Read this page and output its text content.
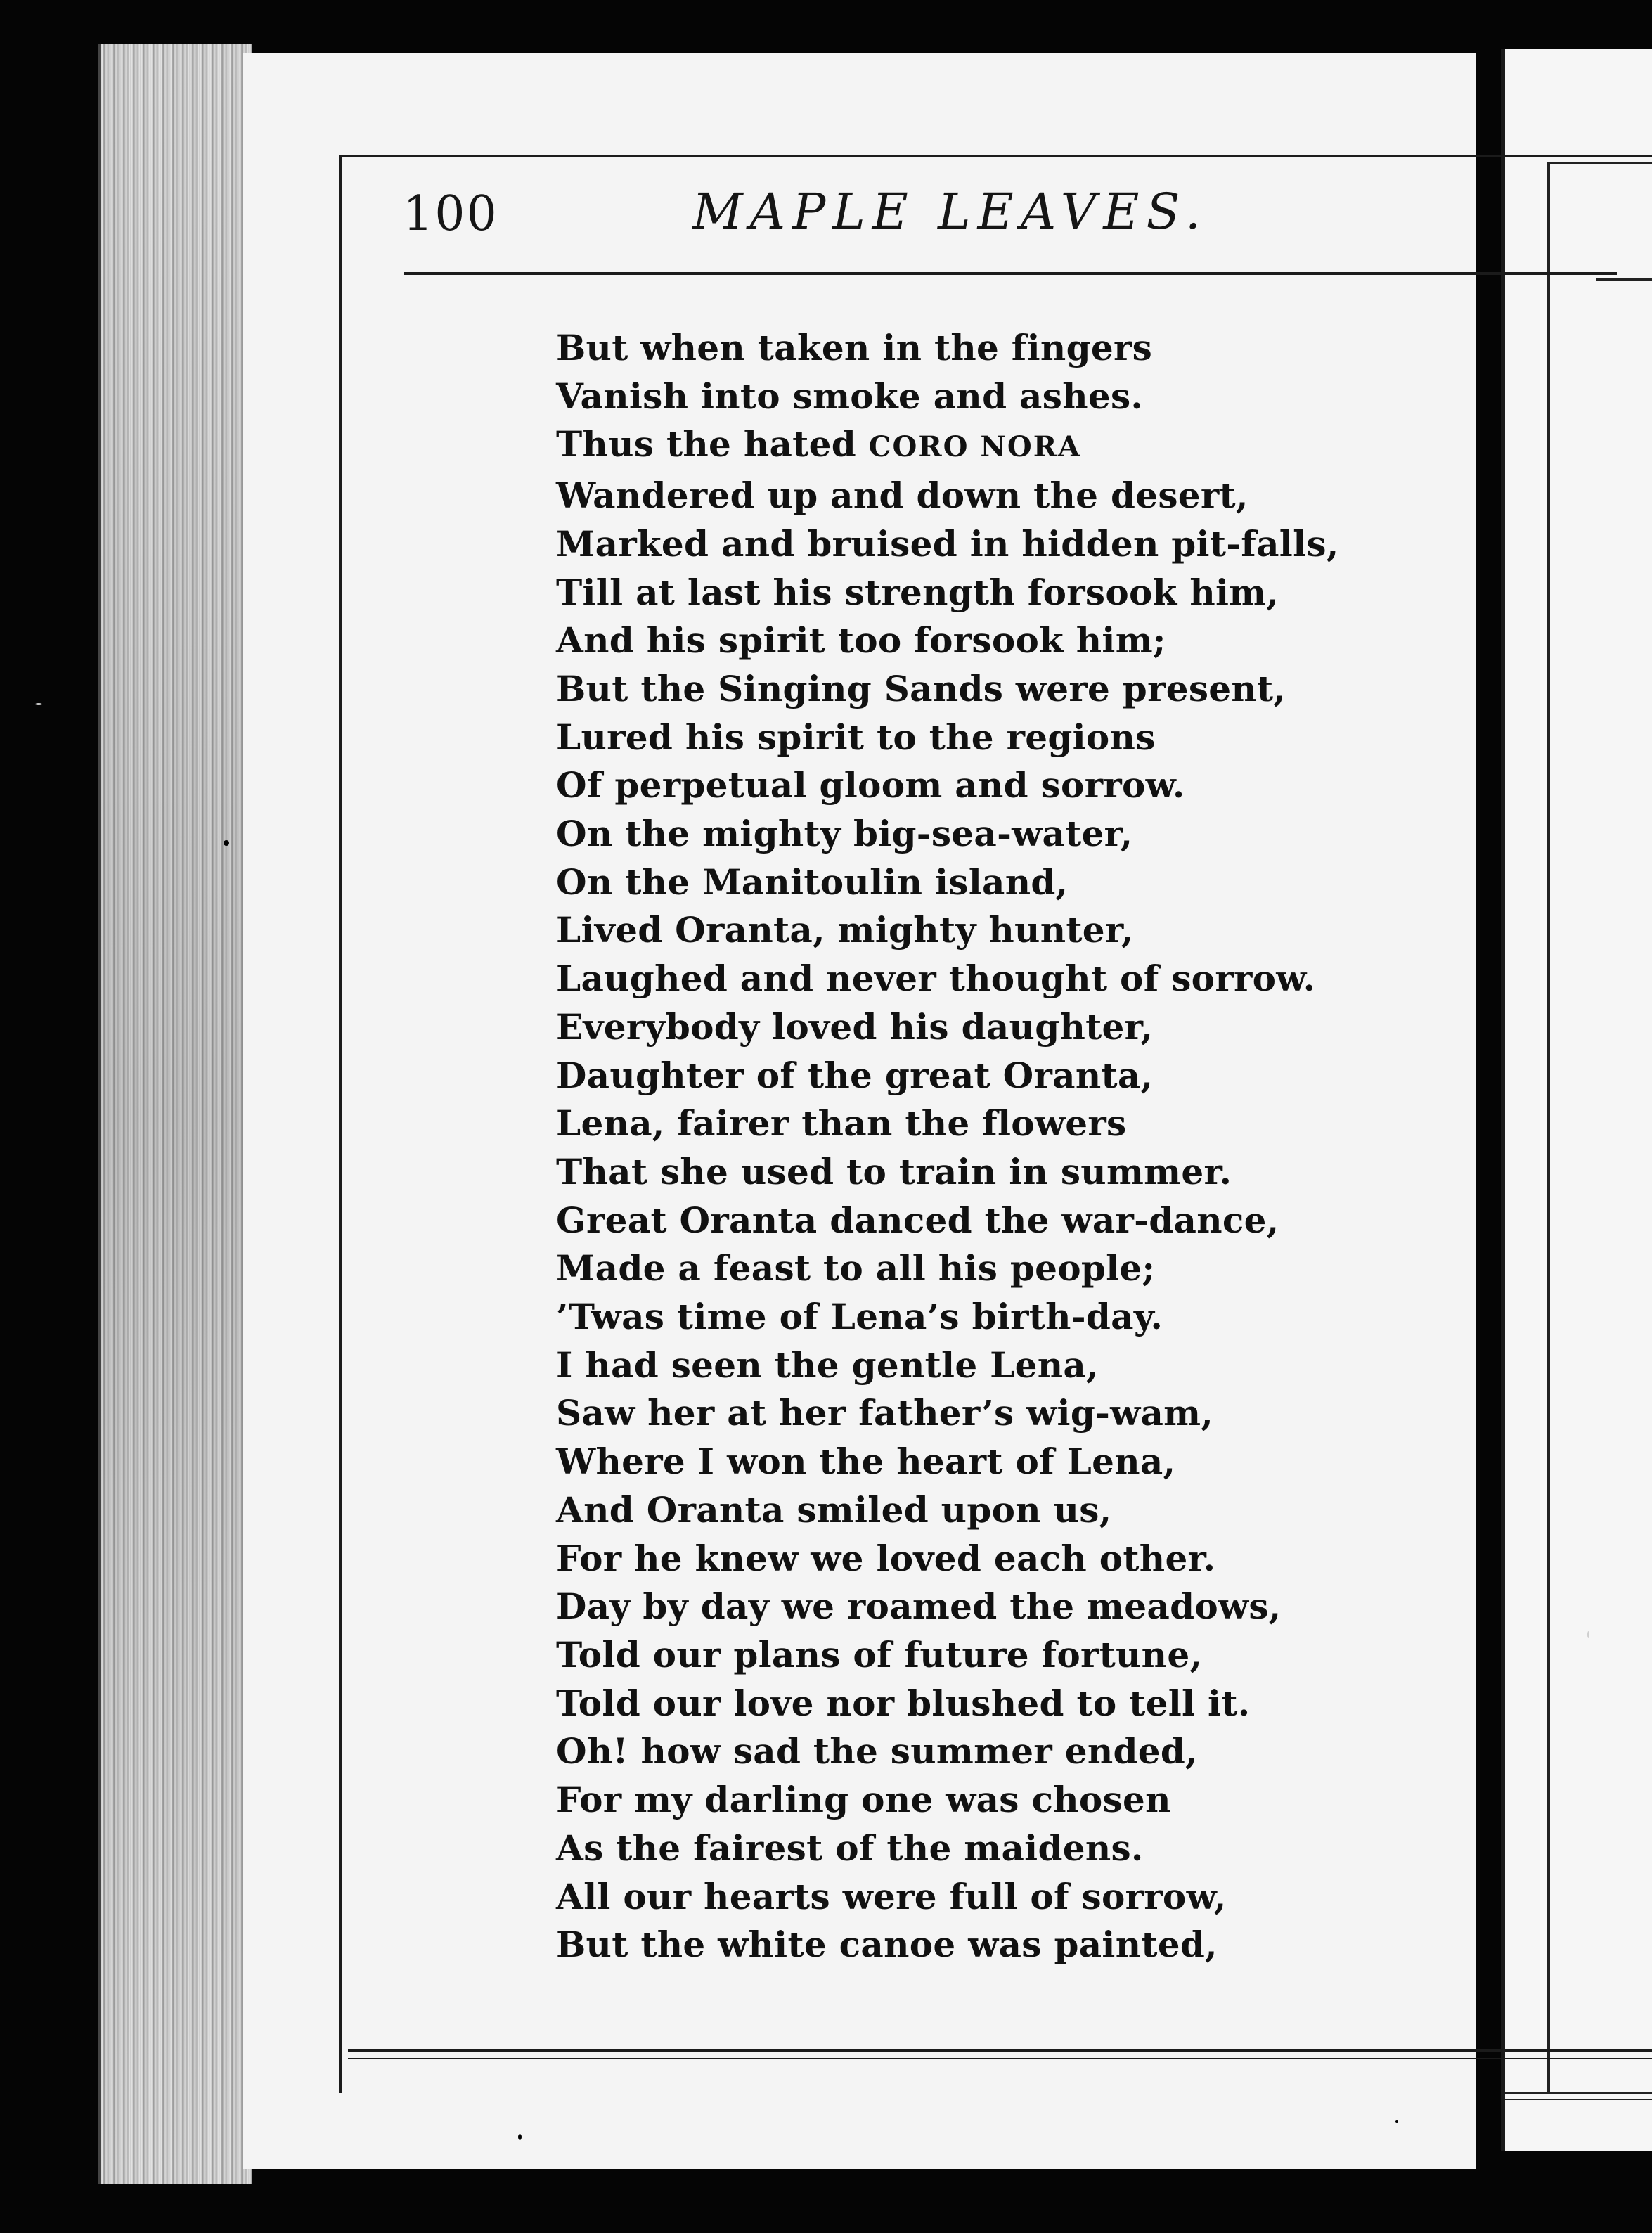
100	MAPLE LEAVES.
But when taken in the fingers
Vanish into smoke and ashes.
Thus the hated CORO NORA
Wandered up and down the desert,
Marked and bruised in hidden pit-falls,
Till at last his strength forsook him,
And his spirit too forsook him;
But the Singing Sands were present,
Lured his spirit to the regions
Of perpetual gloom and sorrow.
On the mighty big-sea-water,
On the Manitoulin island,
Lived Oranta, mighty hunter,
Laughed and never thought of sorrow.
Everybody loved his daughter,
Daughter of the great Oranta,
Lena, fairer than the flowers
That she used to train in summer.
Great Oranta danced the war-dance,
Made a feast to all his people;
’Twas time of Lena’s birth-day.
I had seen the gentle Lena,
Saw her at her father’s wig-wam,
Where I won the heart of Lena,
And Oranta smiled upon us,
For he knew we loved each other.
Day by day we roamed the meadows,
Told our plans of future fortune,
Told our love nor blushed to tell it.
Oh! how sad the summer ended,
For my darling one was chosen
As the fairest of the maidens.
All our hearts were full of sorrow,
But the white canoe was painted,
